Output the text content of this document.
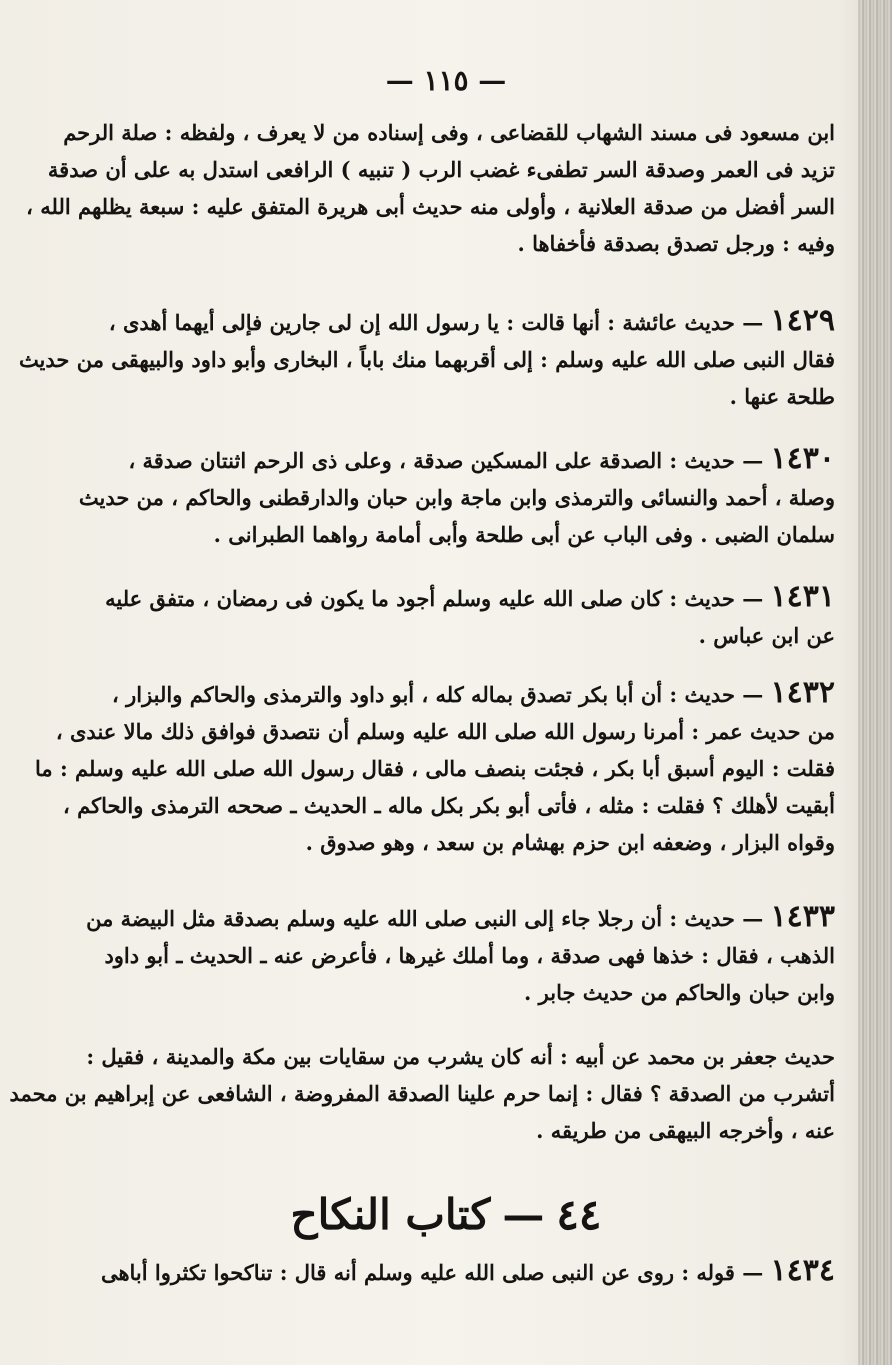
— ١١٥ —
ابن مسعود فى مسند الشهاب للقضاعى ، وفى إسناده من لا يعرف ، ولفظه : صلة الرحم
تزيد فى العمر وصدقة السر تطفىء غضب الرب ( تنبيه ) الرافعى استدل به على أن صدقة
السر أفضل من صدقة العلانية ، وأولى منه حديث أبى هريرة المتفق عليه : سبعة يظلهم الله ،
وفيه : ورجل تصدق بصدقة فأخفاها .
١٤٢٩ — حديث عائشة : أنها قالت : يا رسول الله إن لى جارين فإلى أيهما أهدى ،
فقال النبى صلى الله عليه وسلم : إلى أقربهما منك باباً ، البخارى وأبو داود والبيهقى من حديث
طلحة عنها .
١٤٣٠ — حديث : الصدقة على المسكين صدقة ، وعلى ذى الرحم اثنتان صدقة ،
وصلة ، أحمد والنسائى والترمذى وابن ماجة وابن حبان والدارقطنى والحاكم ، من حديث
سلمان الضبى . وفى الباب عن أبى طلحة وأبى أمامة رواهما الطبرانى .
١٤٣١ — حديث : كان صلى الله عليه وسلم أجود ما يكون فى رمضان ، متفق عليه
عن ابن عباس .
١٤٣٢ — حديث : أن أبا بكر تصدق بماله كله ، أبو داود والترمذى والحاكم والبزار ،
من حديث عمر : أمرنا رسول الله صلى الله عليه وسلم أن نتصدق فوافق ذلك مالا عندى ،
فقلت : اليوم أسبق أبا بكر ، فجئت بنصف مالى ، فقال رسول الله صلى الله عليه وسلم : ما
أبقيت لأهلك ؟ فقلت : مثله ، فأتى أبو بكر بكل ماله ـ الحديث ـ صححه الترمذى والحاكم ،
وقواه البزار ، وضعفه ابن حزم بهشام بن سعد ، وهو صدوق .
١٤٣٣ — حديث : أن رجلا جاء إلى النبى صلى الله عليه وسلم بصدقة مثل البيضة من
الذهب ، فقال : خذها فهى صدقة ، وما أملك غيرها ، فأعرض عنه ـ الحديث ـ أبو داود
وابن حبان والحاكم من حديث جابر .
حديث جعفر بن محمد عن أبيه : أنه كان يشرب من سقايات بين مكة والمدينة ، فقيل :
أتشرب من الصدقة ؟ فقال : إنما حرم علينا الصدقة المفروضة ، الشافعى عن إبراهيم بن محمد
عنه ، وأخرجه البيهقى من طريقه .
٤٤—كتاب النكاح
١٤٣٤ — قوله : روى عن النبى صلى الله عليه وسلم أنه قال : تناكحوا تكثروا أباهى
